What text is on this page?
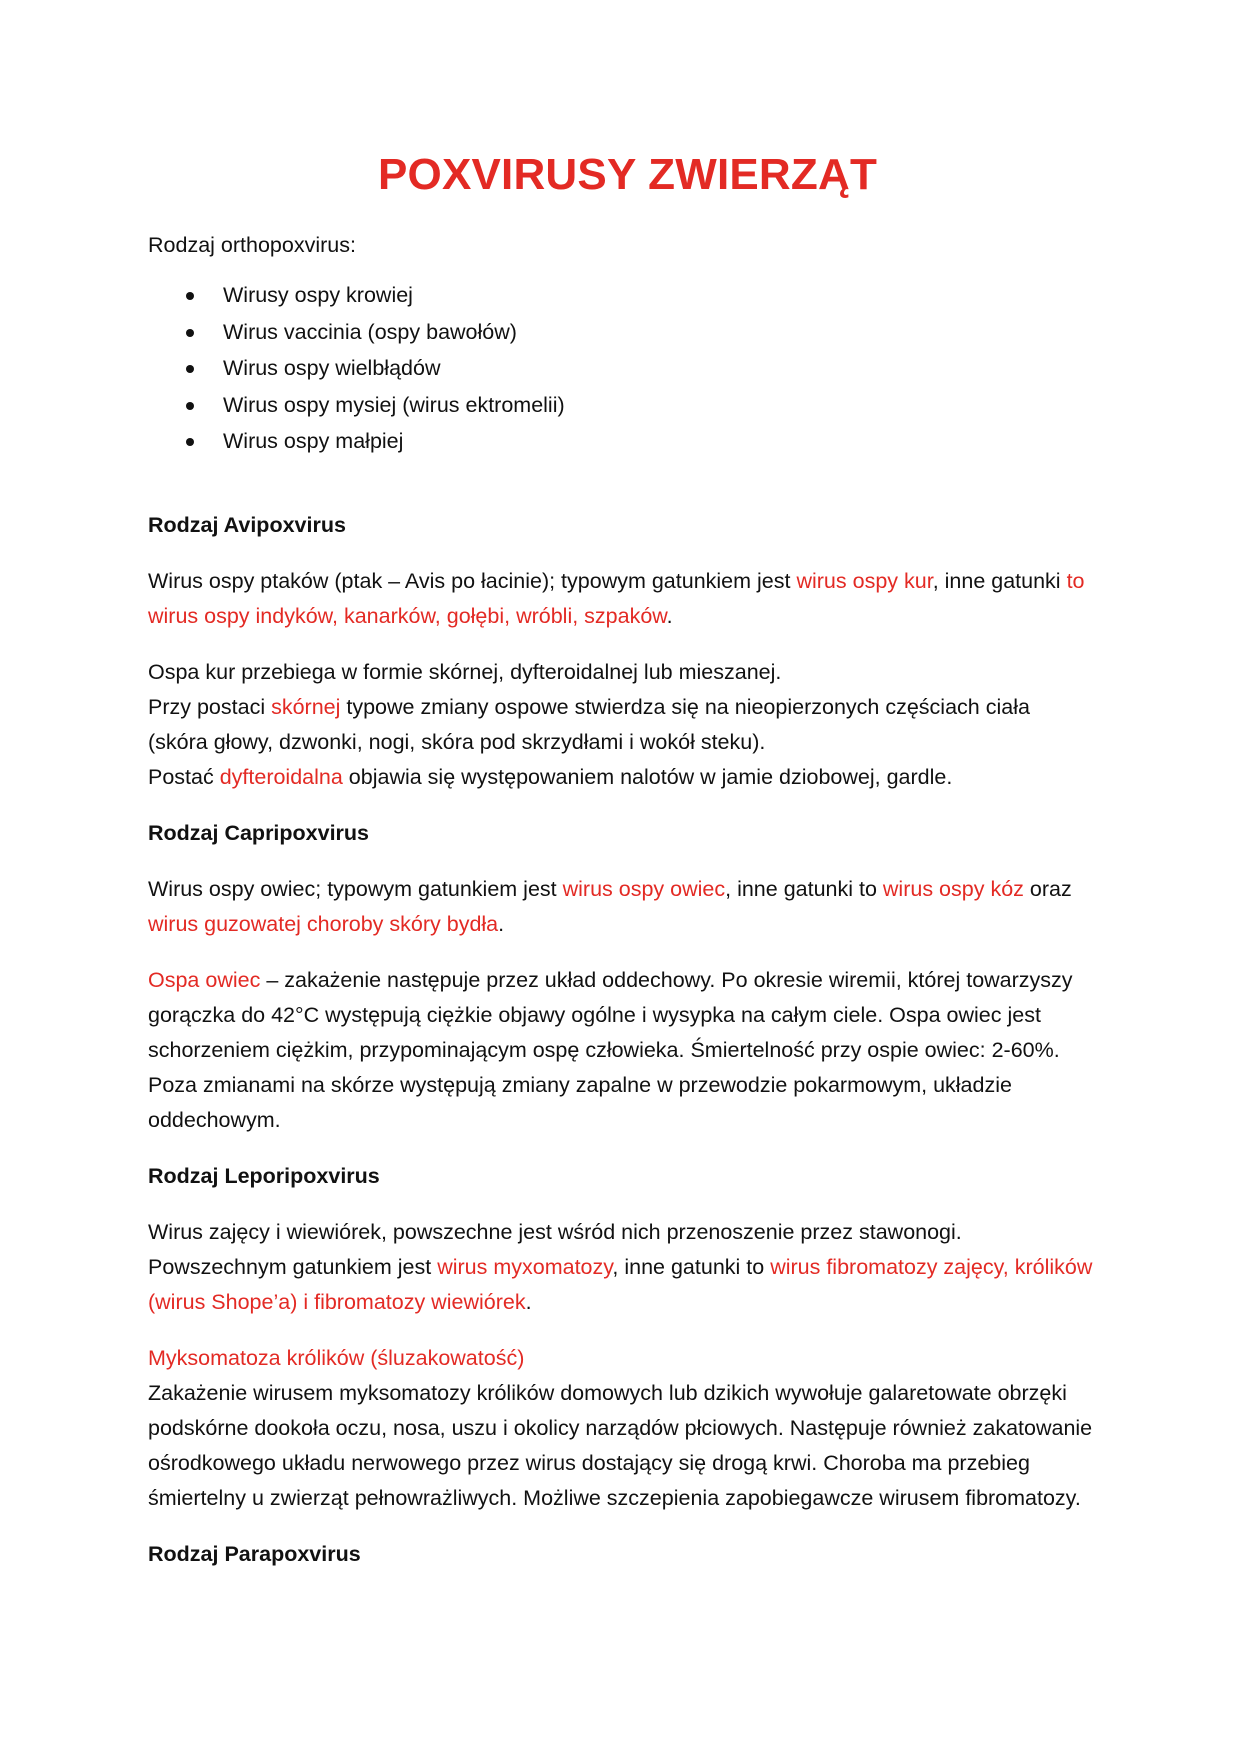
POXVIRUSY ZWIERZĄT

Rodzaj orthopoxvirus:

Wirusy ospy krowiej
Wirus vaccinia (ospy bawołów)
Wirus ospy wielbłądów
Wirus ospy mysiej (wirus ektromelii)
Wirus ospy małpiej

Rodzaj Avipoxvirus

Wirus ospy ptaków (ptak – Avis po łacinie); typowym gatunkiem jest wirus ospy kur, inne gatunki to wirus ospy indyków, kanarków, gołębi, wróbli, szpaków.

Ospa kur przebiega w formie skórnej, dyfteroidalnej lub mieszanej.
Przy postaci skórnej typowe zmiany ospowe stwierdza się na nieopierzonych częściach ciała (skóra głowy, dzwonki, nogi, skóra pod skrzydłami i wokół steku).
Postać dyfteroidalna objawia się występowaniem nalotów w jamie dziobowej, gardle.

Rodzaj Capripoxvirus

Wirus ospy owiec; typowym gatunkiem jest wirus ospy owiec, inne gatunki to wirus ospy kóz oraz wirus guzowatej choroby skóry bydła.

Ospa owiec – zakażenie następuje przez układ oddechowy. Po okresie wiremii, której towarzyszy gorączka do 42°C występują ciężkie objawy ogólne i wysypka na całym ciele. Ospa owiec jest schorzeniem ciężkim, przypominającym ospę człowieka. Śmiertelność przy ospie owiec: 2-60%.
Poza zmianami na skórze występują zmiany zapalne w przewodzie pokarmowym, układzie oddechowym.

Rodzaj Leporipoxvirus

Wirus zajęcy i wiewiórek, powszechne jest wśród nich przenoszenie przez stawonogi. Powszechnym gatunkiem jest wirus myxomatozy, inne gatunki to wirus fibromatozy zajęcy, królików (wirus Shope’a) i fibromatozy wiewiórek.

Myksomatoza królików (śluzakowatość)
Zakażenie wirusem myksomatozy królików domowych lub dzikich wywołuje galaretowate obrzęki podskórne dookoła oczu, nosa, uszu i okolicy narządów płciowych. Następuje również zakatowanie ośrodkowego układu nerwowego przez wirus dostający się drogą krwi. Choroba ma przebieg śmiertelny u zwierząt pełnowrażliwych. Możliwe szczepienia zapobiegawcze wirusem fibromatozy.

Rodzaj Parapoxvirus
